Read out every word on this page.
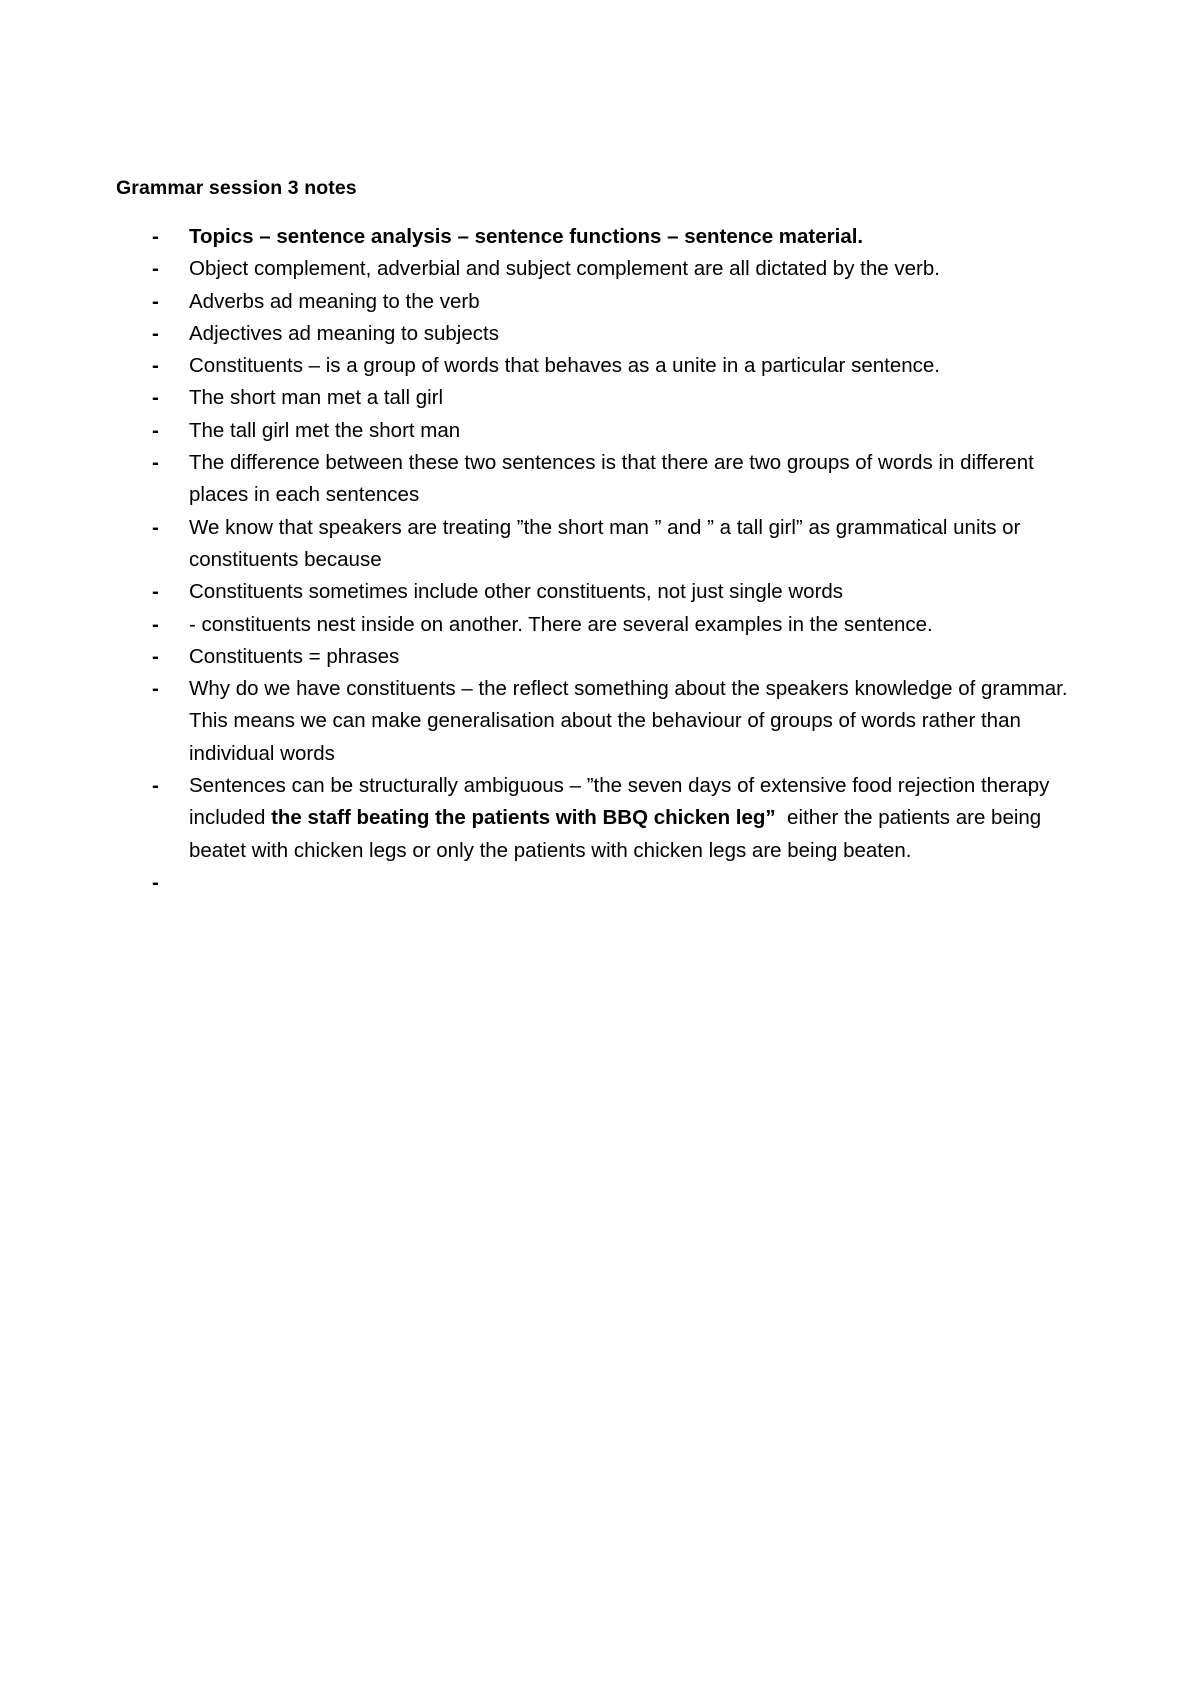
Grammar session 3 notes
- Topics – sentence analysis – sentence functions – sentence material.
- Object complement, adverbial and subject complement are all dictated by the verb.
- Adverbs ad meaning to the verb
- Adjectives ad meaning to subjects
- Constituents – is a group of words that behaves as a unite in a particular sentence.
- The short man met a tall girl
- The tall girl met the short man
- The difference between these two sentences is that there are two groups of words in different places in each sentences
- We know that speakers are treating ”the short man ” and ” a tall girl” as grammatical units or constituents because
- Constituents sometimes include other constituents, not just single words
- - constituents nest inside on another. There are several examples in the sentence.
- Constituents = phrases
- Why do we have constituents – the reflect something about the speakers knowledge of grammar. This means we can make generalisation about the behaviour of groups of words rather than individual words
- Sentences can be structurally ambiguous – ”the seven days of extensive food rejection therapy included the staff beating the patients with BBQ chicken leg”  either the patients are being beatet with chicken legs or only the patients with chicken legs are being beaten.
-
